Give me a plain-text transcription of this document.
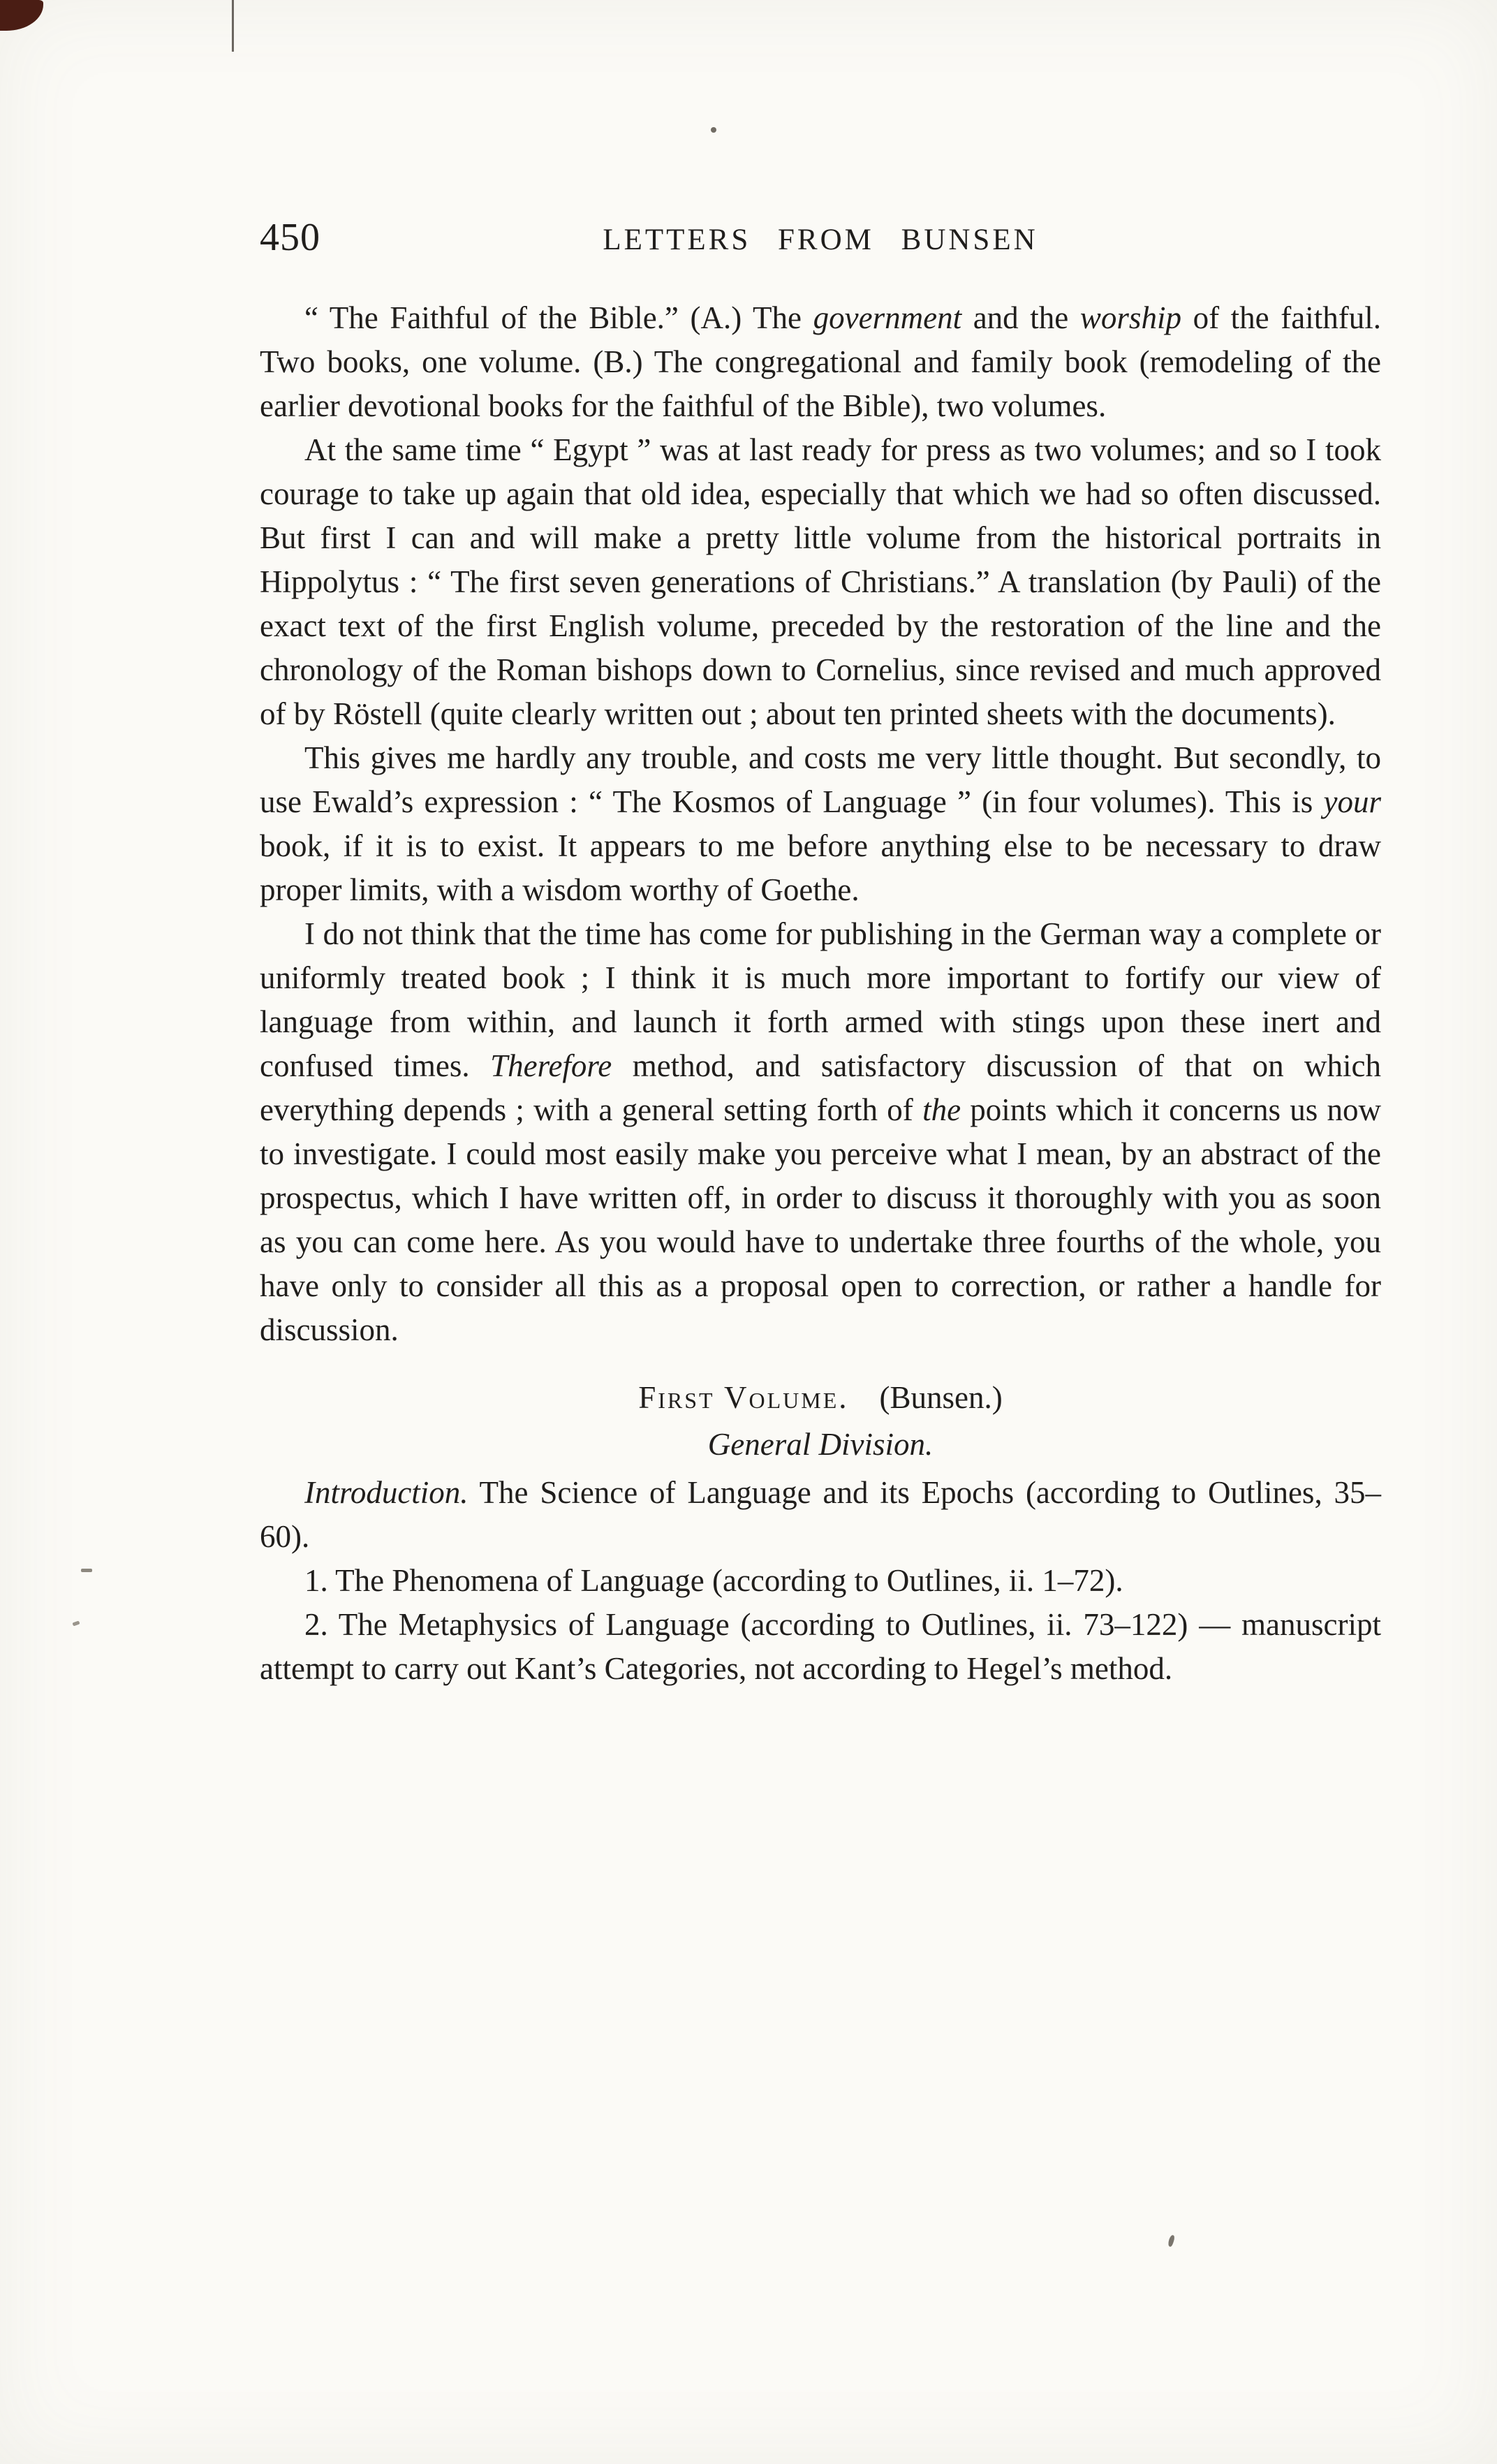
450	LETTERS FROM BUNSEN

“ The Faithful of the Bible.” (A.) The government and the worship of the faithful. Two books, one volume. (B.) The congregational and family book (remodeling of the earlier devotional books for the faithful of the Bible), two volumes.

At the same time “ Egypt ” was at last ready for press as two volumes; and so I took courage to take up again that old idea, especially that which we had so often discussed. But first I can and will make a pretty little volume from the historical portraits in Hippolytus : “ The first seven generations of Christians.” A translation (by Pauli) of the exact text of the first English volume, preceded by the restoration of the line and the chronology of the Roman bishops down to Cornelius, since revised and much approved of by Röstell (quite clearly written out ; about ten printed sheets with the documents).

This gives me hardly any trouble, and costs me very little thought. But secondly, to use Ewald’s expression : “ The Kosmos of Language ” (in four volumes). This is your book, if it is to exist. It appears to me before anything else to be necessary to draw proper limits, with a wisdom worthy of Goethe.

I do not think that the time has come for publishing in the German way a complete or uniformly treated book ; I think it is much more important to fortify our view of language from within, and launch it forth armed with stings upon these inert and confused times. Therefore method, and satisfactory discussion of that on which everything depends ; with a general setting forth of the points which it concerns us now to investigate. I could most easily make you perceive what I mean, by an abstract of the prospectus, which I have written off, in order to discuss it thoroughly with you as soon as you can come here. As you would have to undertake three fourths of the whole, you have only to consider all this as a proposal open to correction, or rather a handle for discussion.

First Volume. (Bunsen.)

General Division.

Introduction. The Science of Language and its Epochs (according to Outlines, 35–60).

1. The Phenomena of Language (according to Outlines, ii. 1–72).

2. The Metaphysics of Language (according to Outlines, ii. 73–122) — manuscript attempt to carry out Kant’s Categories, not according to Hegel’s method.
